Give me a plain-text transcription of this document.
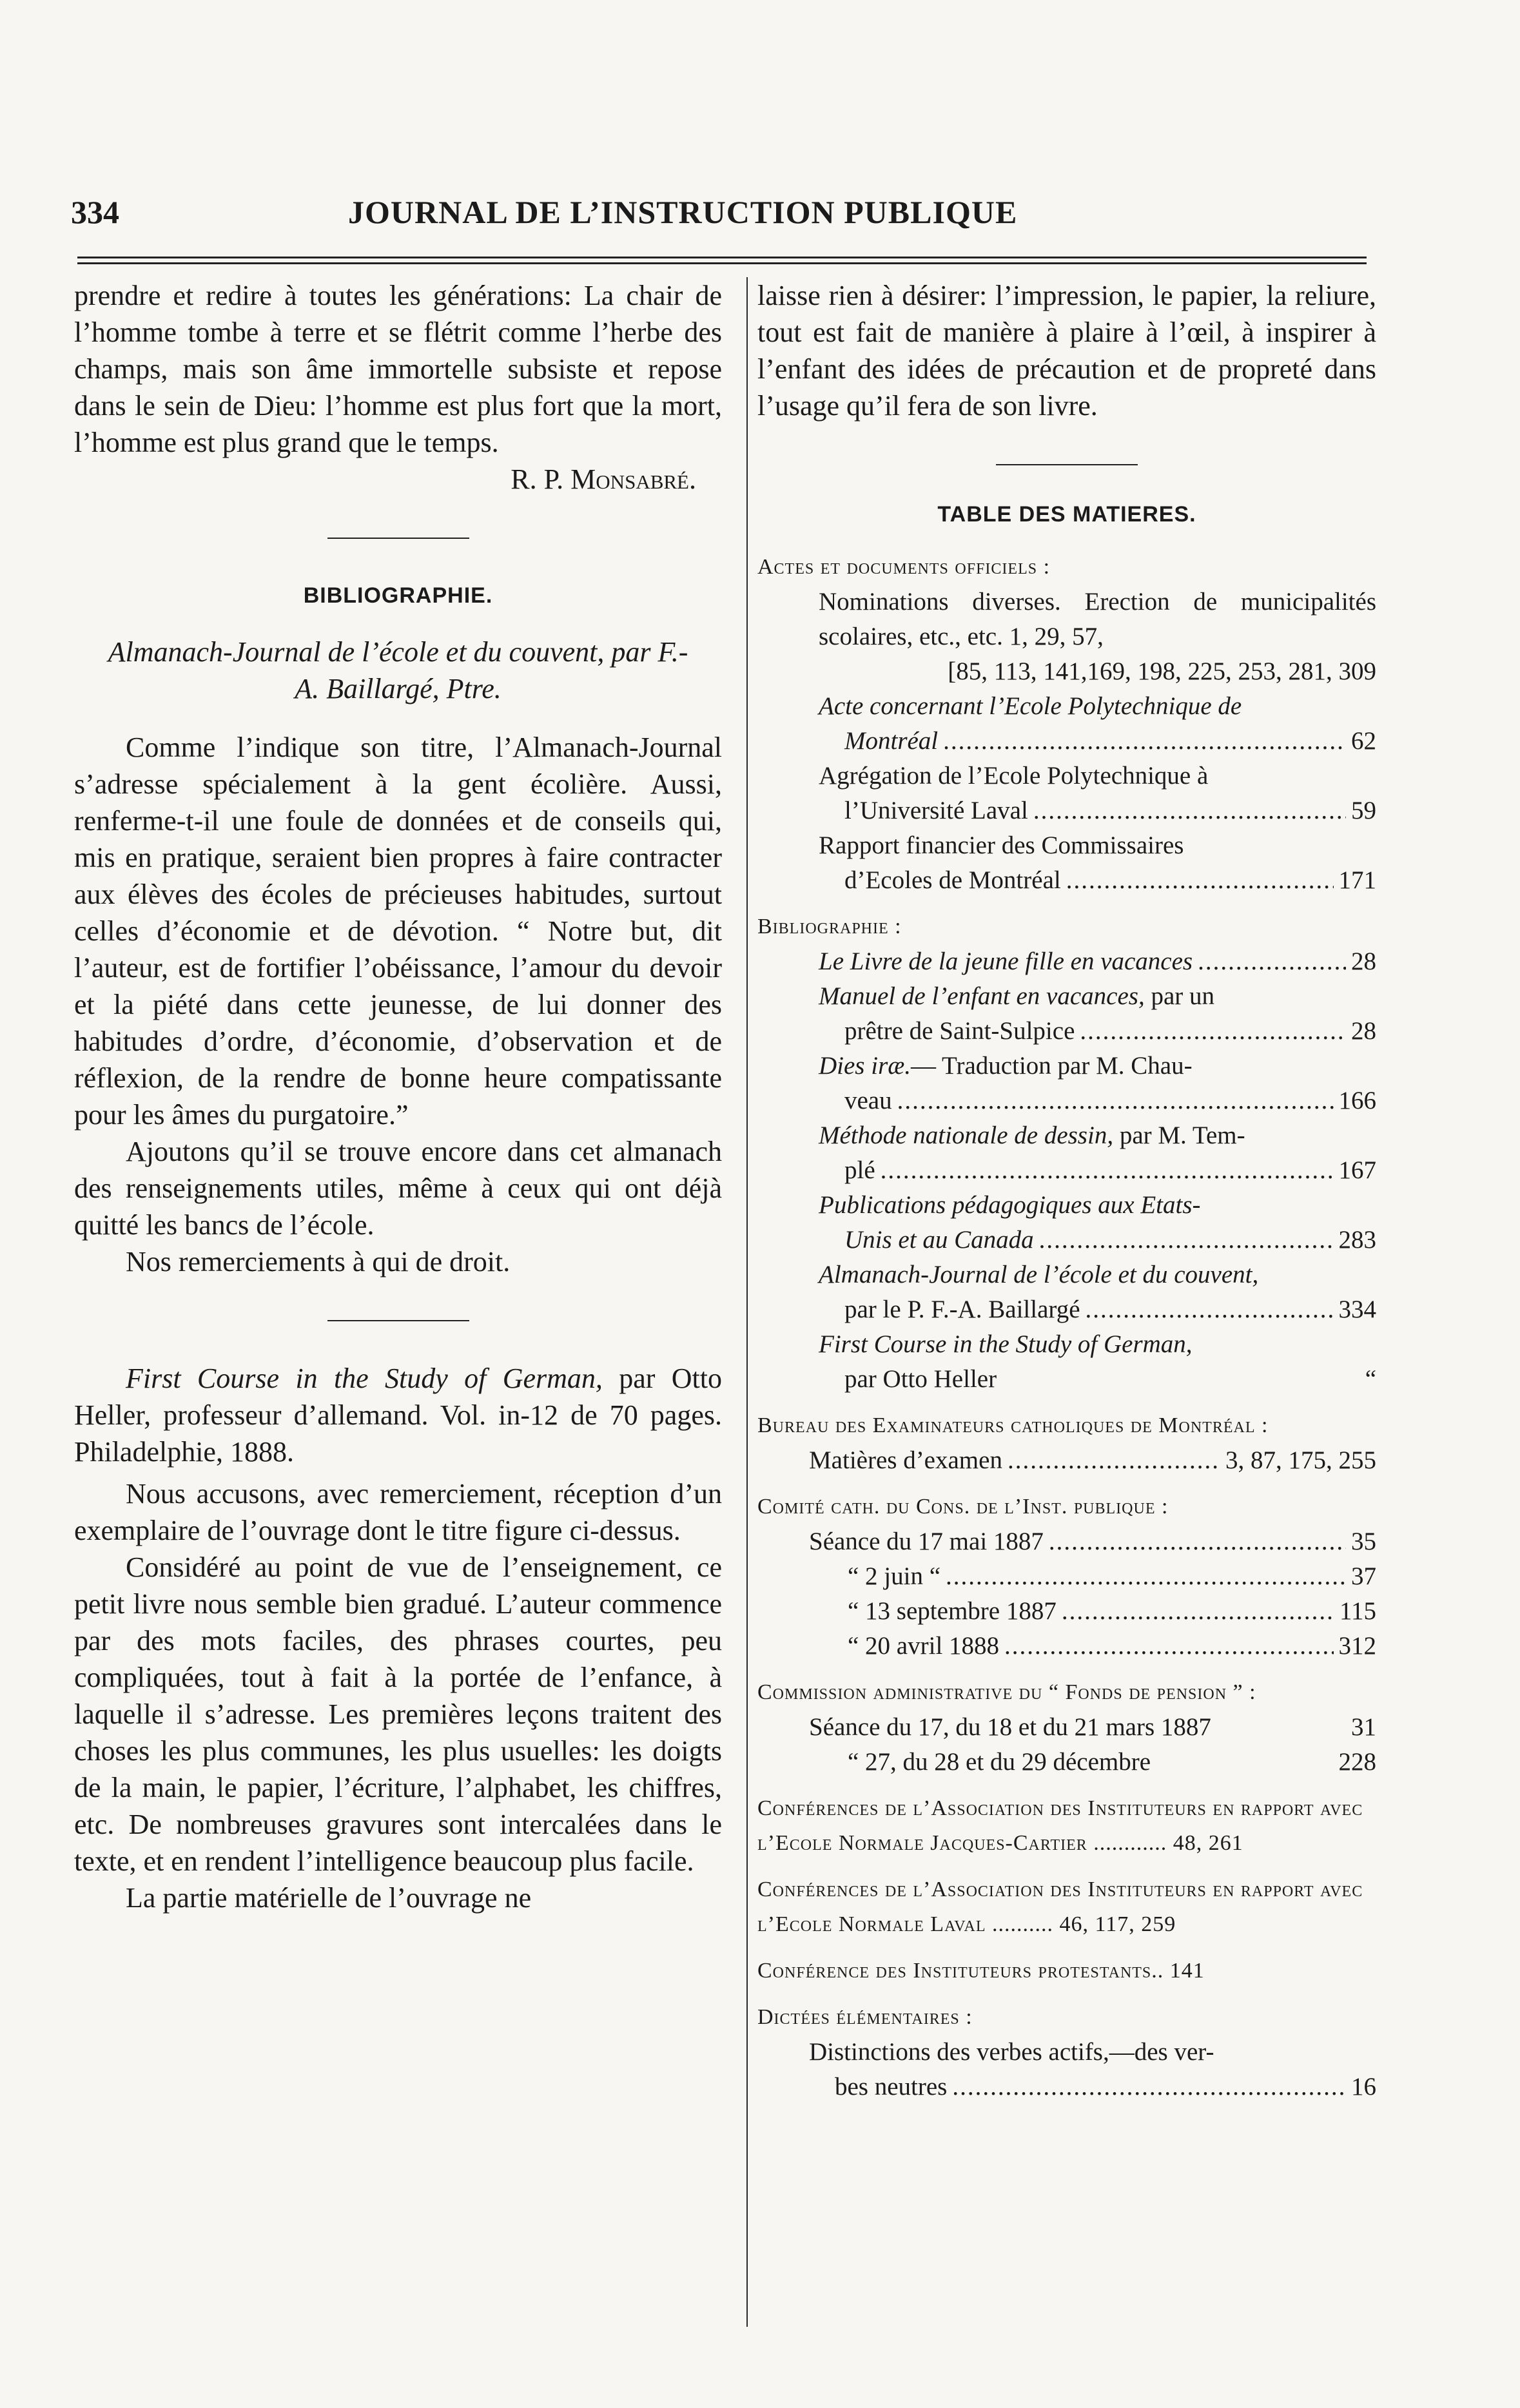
334	JOURNAL DE L’INSTRUCTION PUBLIQUE

prendre et redire à toutes les générations: La chair de l’homme tombe à terre et se flétrit comme l’herbe des champs, mais son âme immortelle subsiste et repose dans le sein de Dieu: l’homme est plus fort que la mort, l’homme est plus grand que le temps.

R. P. Monsabré.

BIBLIOGRAPHIE.

Almanach-Journal de l’école et du couvent, par F.-A. Baillargé, Ptre.

Comme l’indique son titre, l’Almanach-Journal s’adresse spécialement à la gent écolière. Aussi, renferme-t-il une foule de données et de conseils qui, mis en pratique, seraient bien propres à faire contracter aux élèves des écoles de précieuses habitudes, surtout celles d’économie et de dévotion. “ Notre but, dit l’auteur, est de fortifier l’obéissance, l’amour du devoir et la piété dans cette jeunesse, de lui donner des habitudes d’ordre, d’économie, d’observation et de réflexion, de la rendre de bonne heure compatissante pour les âmes du purgatoire.”

Ajoutons qu’il se trouve encore dans cet almanach des renseignements utiles, même à ceux qui ont déjà quitté les bancs de l’école.

Nos remerciements à qui de droit.

First Course in the Study of German, par Otto Heller, professeur d’allemand. Vol. in-12 de 70 pages. Philadelphie, 1888.

Nous accusons, avec remerciement, réception d’un exemplaire de l’ouvrage dont le titre figure ci-dessus.

Considéré au point de vue de l’enseignement, ce petit livre nous semble bien gradué. L’auteur commence par des mots faciles, des phrases courtes, peu compliquées, tout à fait à la portée de l’enfance, à laquelle il s’adresse. Les premières leçons traitent des choses les plus communes, les plus usuelles: les doigts de la main, le papier, l’écriture, l’alphabet, les chiffres, etc. De nombreuses gravures sont intercalées dans le texte, et en rendent l’intelligence beaucoup plus facile.

La partie matérielle de l’ouvrage ne

laisse rien à désirer: l’impression, le papier, la reliure, tout est fait de manière à plaire à l’œil, à inspirer à l’enfant des idées de précaution et de propreté dans l’usage qu’il fera de son livre.

TABLE DES MATIERES.
Actes et documents officiels :
Nominations diverses. Erection de municipalités scolaires, etc., etc. 1, 29, 57,
[85, 113, 141,169, 198, 225, 253, 281, 309
Acte concernant l’Ecole Polytechnique de
Montréal .....	62
Agrégation de l’Ecole Polytechnique à
l’Université Laval .....	59
Rapport financier des Commissaires
d’Ecoles de Montréal .....	171
Bibliographie :
Le Livre de la jeune fille en vacances .....	28
Manuel de l’enfant en vacances, par un
prêtre de Saint-Sulpice .....	28
Dies iræ.— Traduction par M. Chau-
veau .....	166
Méthode nationale de dessin, par M. Tem-
plé .....	167
Publications pédagogiques aux Etats-
Unis et au Canada .....	283
Almanach-Journal de l’école et du couvent,
par le P. F.-A. Baillargé .....	334
First Course in the Study of German,
par Otto Heller	“
Bureau des Examinateurs catholiques de Montréal :
Matières d’examen .....	3, 87, 175, 255
Comité cath. du Cons. de l’Inst. publique :
Séance du 17 mai 1887 .....	35
“ 2 juin “ .....	37
“ 13 septembre 1887 .....	115
“ 20 avril 1888 .....	312
Commission administrative du “ Fonds de pension ” :
Séance du 17, du 18 et du 21 mars 1887	31
“ 27, du 28 et du 29 décembre	228
Conférences de l’Association des Instituteurs en rapport avec l’Ecole Normale Jacques-Cartier ............ 48, 261
Conférences de l’Association des Instituteurs en rapport avec l’Ecole Normale Laval .......... 46, 117, 259
Conférence des Instituteurs protestants.. 141
Dictées élémentaires :
Distinctions des verbes actifs,—des ver-
bes neutres .....	16
